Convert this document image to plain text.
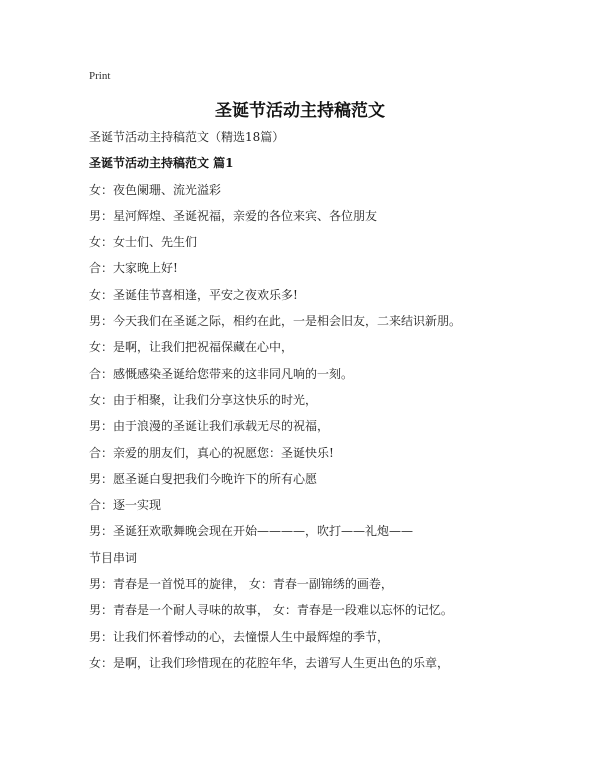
Print
圣诞节活动主持稿范文
圣诞节活动主持稿范文（精选18篇）
圣诞节活动主持稿范文 篇1
女：夜色阑珊、流光溢彩
男：星河辉煌、圣诞祝福，亲爱的各位来宾、各位朋友
女：女士们、先生们
合：大家晚上好!
女：圣诞佳节喜相逢，平安之夜欢乐多!
男：今天我们在圣诞之际，相约在此，一是相会旧友，二来结识新朋。
女：是啊，让我们把祝福保藏在心中，
合：感慨感染圣诞给您带来的这非同凡响的一刻。
女：由于相聚，让我们分享这快乐的时光，
男：由于浪漫的圣诞让我们承载无尽的祝福，
合：亲爱的朋友们，真心的祝愿您：圣诞快乐!
男：愿圣诞白叟把我们今晚许下的所有心愿
合：逐一实现
男：圣诞狂欢歌舞晚会现在开始————，吹打——礼炮——
节目串词
男：青春是一首悦耳的旋律， 女：青春一副锦绣的画卷，
男：青春是一个耐人寻味的故事， 女：青春是一段难以忘怀的记忆。
男：让我们怀着悸动的心，去憧憬人生中最辉煌的季节，
女：是啊，让我们珍惜现在的花腔年华，去谱写人生更出色的乐章，
